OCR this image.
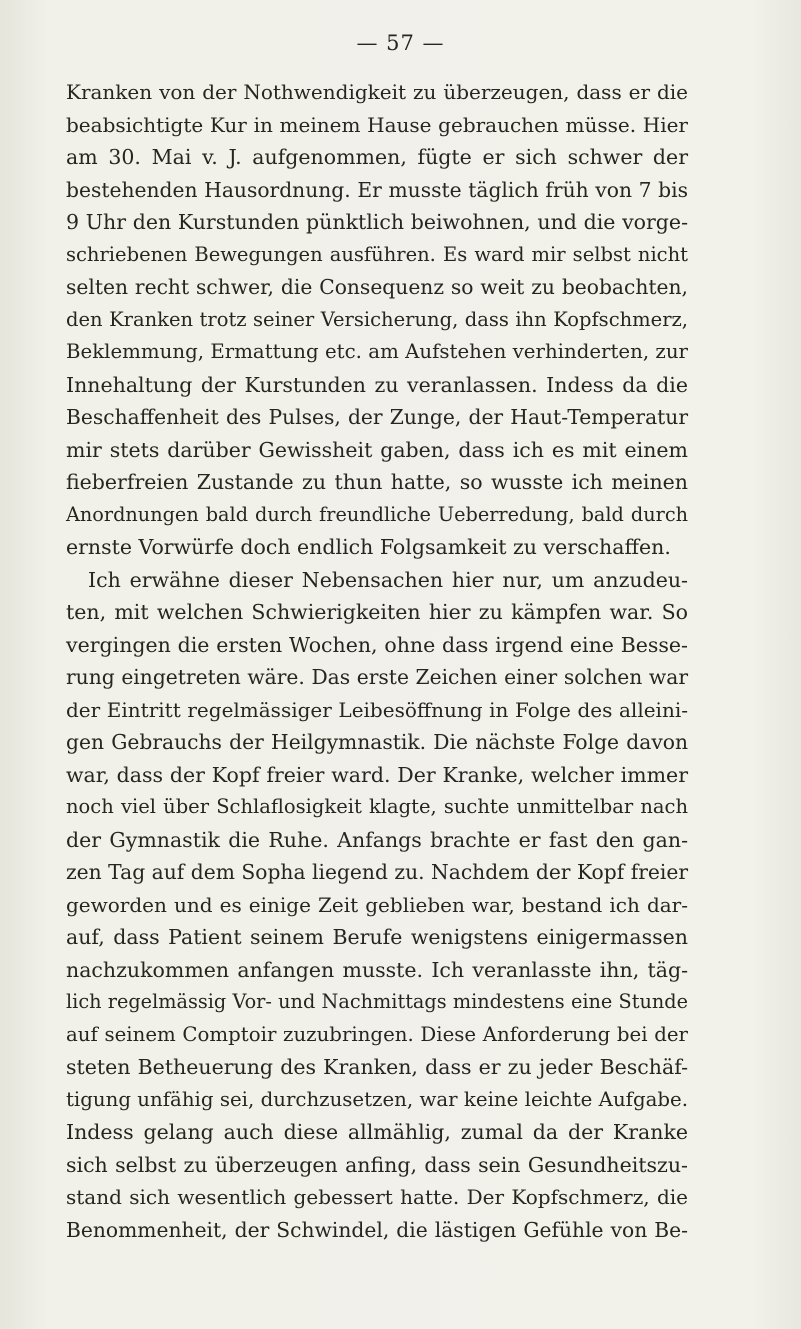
— 57 —
Kranken von der Nothwendigkeit zu überzeugen, dass er die
beabsichtigte Kur in meinem Hause gebrauchen müsse. Hier
am 30. Mai v. J. aufgenommen, fügte er sich schwer der
bestehenden Hausordnung. Er musste täglich früh von 7 bis
9 Uhr den Kurstunden pünktlich beiwohnen, und die vorge-
schriebenen Bewegungen ausführen. Es ward mir selbst nicht
selten recht schwer, die Consequenz so weit zu beobachten,
den Kranken trotz seiner Versicherung, dass ihn Kopfschmerz,
Beklemmung, Ermattung etc. am Aufstehen verhinderten, zur
Innehaltung der Kurstunden zu veranlassen. Indess da die
Beschaffenheit des Pulses, der Zunge, der Haut-Temperatur
mir stets darüber Gewissheit gaben, dass ich es mit einem
fieberfreien Zustande zu thun hatte, so wusste ich meinen
Anordnungen bald durch freundliche Ueberredung, bald durch
ernste Vorwürfe doch endlich Folgsamkeit zu verschaffen.
Ich erwähne dieser Nebensachen hier nur, um anzudeu-
ten, mit welchen Schwierigkeiten hier zu kämpfen war. So
vergingen die ersten Wochen, ohne dass irgend eine Besse-
rung eingetreten wäre. Das erste Zeichen einer solchen war
der Eintritt regelmässiger Leibesöffnung in Folge des alleini-
gen Gebrauchs der Heilgymnastik. Die nächste Folge davon
war, dass der Kopf freier ward. Der Kranke, welcher immer
noch viel über Schlaflosigkeit klagte, suchte unmittelbar nach
der Gymnastik die Ruhe. Anfangs brachte er fast den gan-
zen Tag auf dem Sopha liegend zu. Nachdem der Kopf freier
geworden und es einige Zeit geblieben war, bestand ich dar-
auf, dass Patient seinem Berufe wenigstens einigermassen
nachzukommen anfangen musste. Ich veranlasste ihn, täg-
lich regelmässig Vor- und Nachmittags mindestens eine Stunde
auf seinem Comptoir zuzubringen. Diese Anforderung bei der
steten Betheuerung des Kranken, dass er zu jeder Beschäf-
tigung unfähig sei, durchzusetzen, war keine leichte Aufgabe.
Indess gelang auch diese allmählig, zumal da der Kranke
sich selbst zu überzeugen anfing, dass sein Gesundheitszu-
stand sich wesentlich gebessert hatte. Der Kopfschmerz, die
Benommenheit, der Schwindel, die lästigen Gefühle von Be-
